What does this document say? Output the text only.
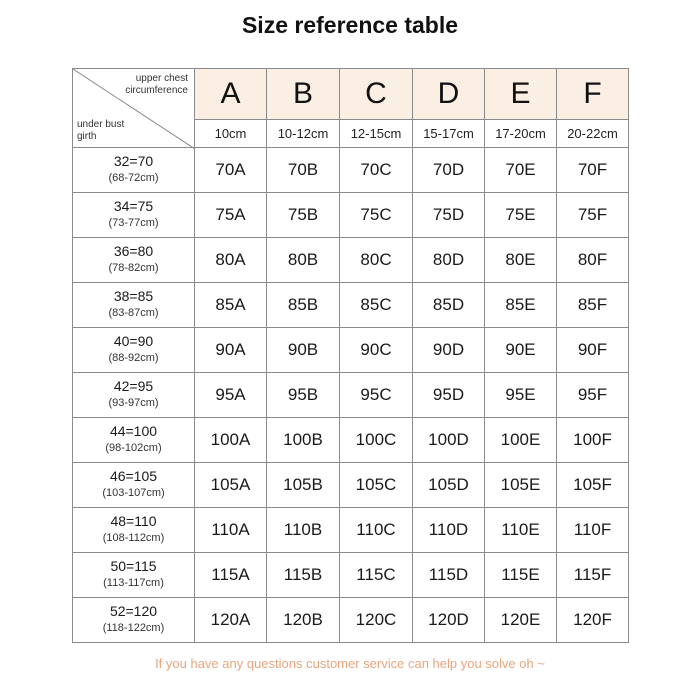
Size reference table
upper chest
circumference
under bust
girth	A	B	C	D	E	F
	10cm	10-12cm	12-15cm	15-17cm	17-20cm	20-22cm

32=70
(68-72cm)	70A	70B	70C	70D	70E	70F

34=75
(73-77cm)	75A	75B	75C	75D	75E	75F

36=80
(78-82cm)	80A	80B	80C	80D	80E	80F

38=85
(83-87cm)	85A	85B	85C	85D	85E	85F

40=90
(88-92cm)	90A	90B	90C	90D	90E	90F

42=95
(93-97cm)	95A	95B	95C	95D	95E	95F

44=100
(98-102cm)	100A	100B	100C	100D	100E	100F

46=105
(103-107cm)	105A	105B	105C	105D	105E	105F

48=110
(108-112cm)	110A	110B	110C	110D	110E	110F

50=115
(113-117cm)	115A	115B	115C	115D	115E	115F

52=120
(118-122cm)	120A	120B	120C	120D	120E	120F
If you have any questions customer service can help you solve oh ~
